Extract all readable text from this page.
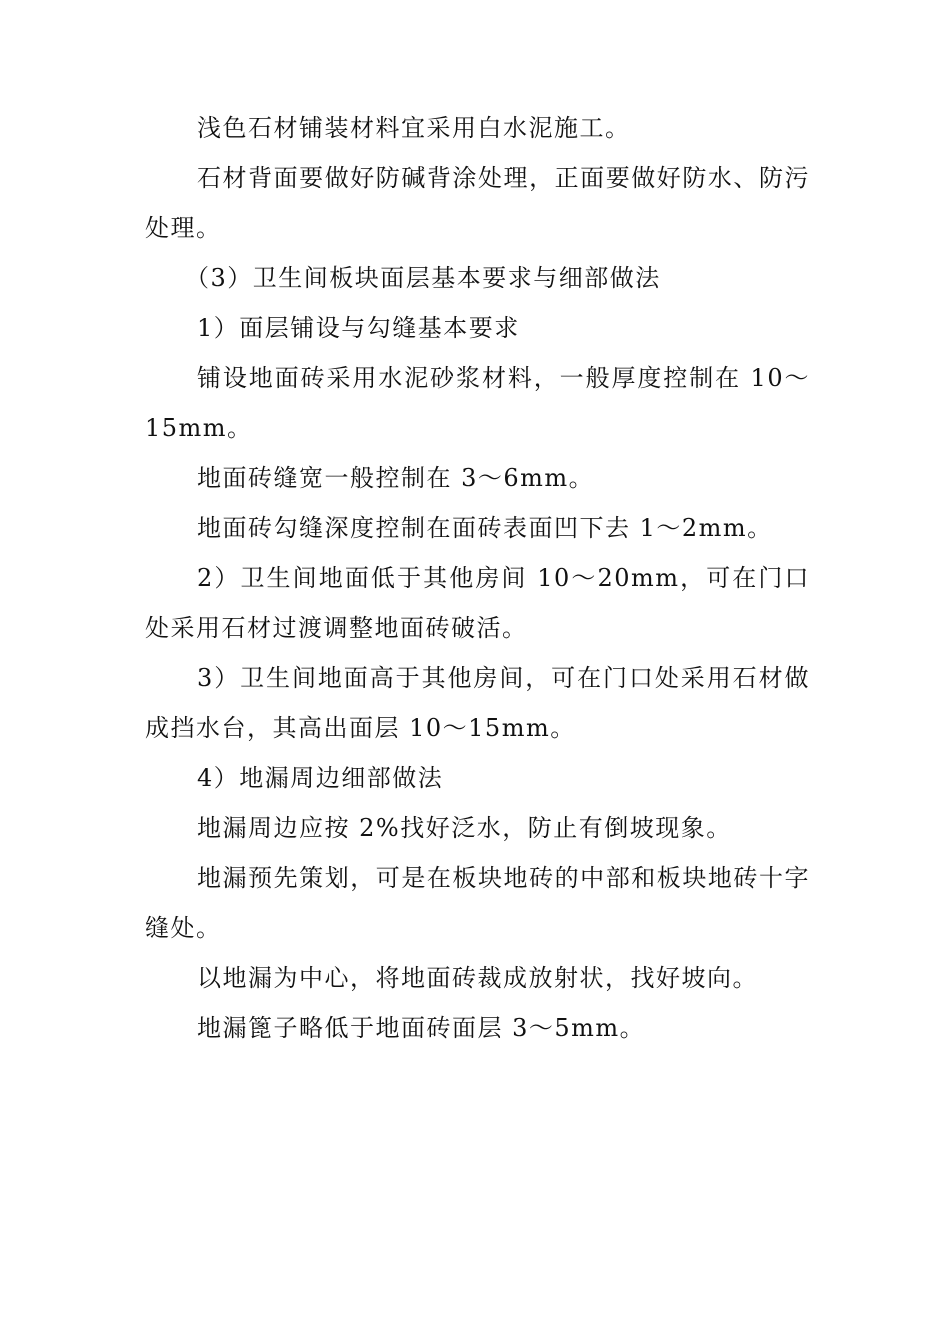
浅色石材铺装材料宜采用白水泥施工。

石材背面要做好防碱背涂处理，正面要做好防水、防污处理。

（3）卫生间板块面层基本要求与细部做法

1）面层铺设与勾缝基本要求

铺设地面砖采用水泥砂浆材料，一般厚度控制在 10～15mm。

地面砖缝宽一般控制在 3～6mm。

地面砖勾缝深度控制在面砖表面凹下去 1～2mm。

2）卫生间地面低于其他房间 10～20mm，可在门口处采用石材过渡调整地面砖破活。

3）卫生间地面高于其他房间，可在门口处采用石材做成挡水台，其高出面层 10～15mm。

4）地漏周边细部做法

地漏周边应按 2%找好泛水，防止有倒坡现象。

地漏预先策划，可是在板块地砖的中部和板块地砖十字缝处。

以地漏为中心，将地面砖裁成放射状，找好坡向。

地漏篦子略低于地面砖面层 3～5mm。
